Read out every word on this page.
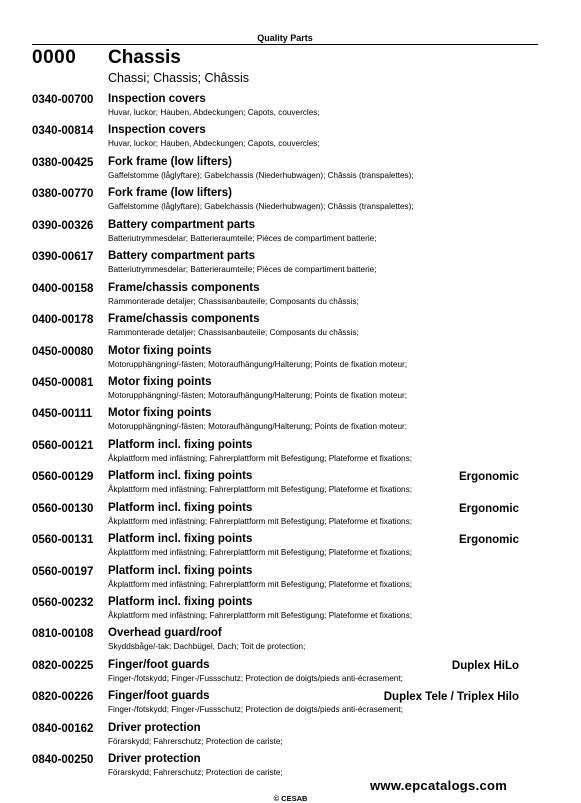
Quality Parts
0000 Chassis
Chassi; Chassis; Châssis
0340-00700 Inspection covers
Huvar, luckor; Hauben, Abdeckungen; Capots, couvercles;
0340-00814 Inspection covers
Huvar, luckor; Hauben, Abdeckungen; Capots, couvercles;
0380-00425 Fork frame (low lifters)
Gaffelstomme (låglyftare); Gabelchassis (Niederhubwagen); Châssis (transpalettes);
0380-00770 Fork frame (low lifters)
Gaffelstomme (låglyftare); Gabelchassis (Niederhubwagen); Châssis (transpalettes);
0390-00326 Battery compartment parts
Batteriutrymmesdelar; Batterieraumteile; Pièces de compartiment batterie;
0390-00617 Battery compartment parts
Batteriutrymmesdelar; Batterieraumteile; Pièces de compartiment batterie;
0400-00158 Frame/chassis components
Rammonterade detaljer; Chassisanbauteile; Composants du châssis;
0400-00178 Frame/chassis components
Rammonterade detaljer; Chassisanbauteile; Composants du châssis;
0450-00080 Motor fixing points
Motorupphängning/-fästen; Motoraufhängung/Halterung; Points de fixation moteur;
0450-00081 Motor fixing points
Motorupphängning/-fästen; Motoraufhängung/Halterung; Points de fixation moteur;
0450-00111 Motor fixing points
Motorupphängning/-fästen; Motoraufhängung/Halterung; Points de fixation moteur;
0560-00121 Platform incl. fixing points
Åkplattform med infästning; Fahrerplattform mit Befestigung; Plateforme et fixations;
0560-00129 Platform incl. fixing points
Åkplattform med infästning; Fahrerplattform mit Befestigung; Plateforme et fixations;
Ergonomic
0560-00130 Platform incl. fixing points
Åkplattform med infästning; Fahrerplattform mit Befestigung; Plateforme et fixations;
Ergonomic
0560-00131 Platform incl. fixing points
Åkplattform med infästning; Fahrerplattform mit Befestigung; Plateforme et fixations;
Ergonomic
0560-00197 Platform incl. fixing points
Åkplattform med infästning; Fahrerplattform mit Befestigung; Plateforme et fixations;
0560-00232 Platform incl. fixing points
Åkplattform med infästning; Fahrerplattform mit Befestigung; Plateforme et fixations;
0810-00108 Overhead guard/roof
Skyddsbåge/-tak; Dachbügel, Dach; Toit de protection;
0820-00225 Finger/foot guards
Finger-/fotskydd; Finger-/Fussschutz; Protection de doigts/pieds anti-écrasement;
Duplex HiLo
0820-00226 Finger/foot guards
Finger-/fotskydd; Finger-/Fussschutz; Protection de doigts/pieds anti-écrasement;
Duplex Tele / Triplex Hilo
0840-00162 Driver protection
Förarskydd; Fahrerschutz; Protection de cariste;
0840-00250 Driver protection
Förarskydd; Fahrerschutz; Protection de cariste;
www.epcatalogs.com
© CESAB
